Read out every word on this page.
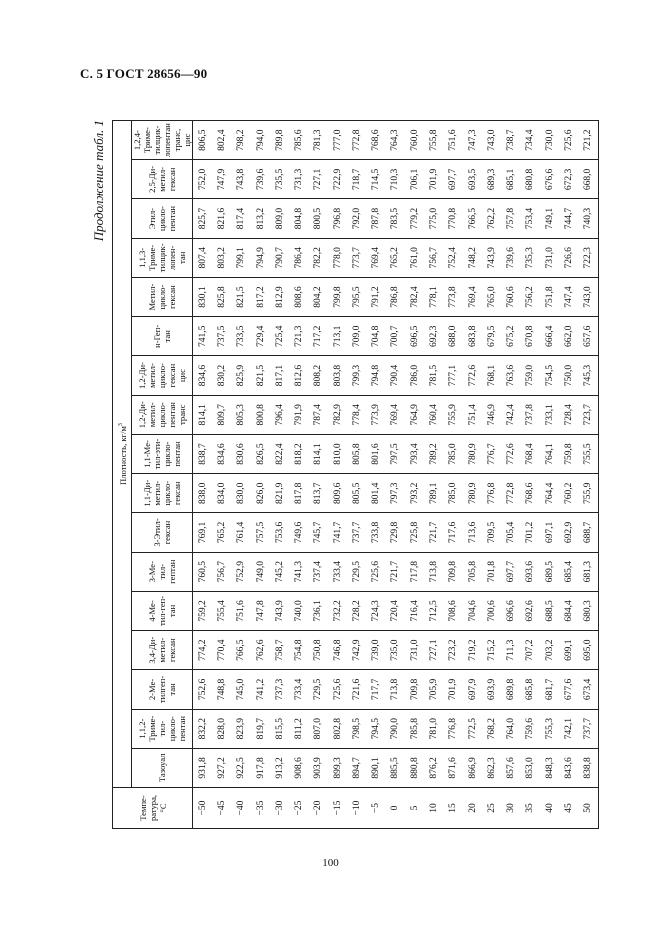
С. 5 ГОСТ 28656—90
Продолжение табл. 1
Темпе-ратура, °С	Плотность, $кг/м^3$
	Тазоуал	1,1,2-Триме-тил-цикло-пентан	2-Ме-тилгеп-тан	3,4-Ди-метил-гексан	4-Ме-тил-геп-тан	3-Ме-тил-гептан	3-Этил-гексан	1,1-Ди-метил-цикло-гексан	1,1-Ме-тил-эти-цикло-пентан	1,2-Ди-метил-цикло-пентан транс	1,2-Ди-метил-цикло-гексан цис	н-Геп-тан	Метил-цикло-гексан	1,1,3-Триме-тилцик-лопен-тан	Этил-цикло-пентан	2,5-Ди-метил-гексан	1,2,4-Триме-тилцик-лопентан транс, цис
−50	931,8	832,2	752,6	774,2	759,2	760,5	769,1	838,0	838,7	814,1	834,6	741,5	830,1	807,4	825,7	752,0	806,5
−45	927,2	828,0	748,8	770,4	755,4	756,7	765,2	834,0	834,6	809,7	830,2	737,5	825,8	803,2	821,6	747,9	802,4
−40	922,5	823,9	745,0	766,5	751,6	752,9	761,4	830,0	830,6	805,3	825,9	733,5	821,5	799,1	817,4	743,8	798,2
−35	917,8	819,7	741,2	762,6	747,8	749,0	757,5	826,0	826,5	800,8	821,5	729,4	817,2	794,9	813,2	739,6	794,0
−30	913,2	815,5	737,3	758,7	743,9	745,2	753,6	821,9	822,4	796,4	817,1	725,4	812,9	790,7	809,0	735,5	789,8
−25	908,6	811,2	733,4	754,8	740,0	741,3	749,6	817,8	818,2	791,9	812,6	721,3	808,6	786,4	804,8	731,3	785,6
−20	903,9	807,0	729,5	750,8	736,1	737,4	745,7	813,7	814,1	787,4	808,2	717,2	804,2	782,2	800,5	727,1	781,3
−15	899,3	802,8	725,6	746,8	732,2	733,4	741,7	809,6	810,0	782,9	803,8	713,1	799,8	778,0	796,8	722,9	777,0
−10	894,7	798,5	721,6	742,9	728,2	729,5	737,7	805,5	805,8	778,4	799,3	709,0	795,5	773,7	792,0	718,7	772,8
−5	890,1	794,5	717,7	739,0	724,3	725,6	733,8	801,4	801,6	773,9	794,8	704,8	791,2	769,4	787,8	714,5	768,6
0	885,5	790,0	713,8	735,0	720,4	721,7	729,8	797,3	797,5	769,4	790,4	700,7	786,8	765,2	783,5	710,3	764,3
5	880,8	785,8	709,8	731,0	716,4	717,8	725,8	793,2	793,4	764,9	786,0	696,5	782,4	761,0	779,2	706,1	760,0
10	876,2	781,0	705,9	727,1	712,5	713,8	721,7	789,1	789,2	760,4	781,5	692,3	778,1	756,7	775,0	701,9	755,8
15	871,6	776,8	701,9	723,2	708,6	709,8	717,6	785,0	785,0	755,9	777,1	688,0	773,8	752,4	770,8	697,7	751,6
20	866,9	772,5	697,9	719,2	704,6	705,8	713,6	780,9	780,9	751,4	772,6	683,8	769,4	748,2	766,5	693,5	747,3
25	862,3	768,2	693,9	715,2	700,6	701,8	709,5	776,8	776,7	746,9	768,1	679,5	765,0	743,9	762,2	689,3	743,0
30	857,6	764,0	689,8	711,3	696,6	697,7	705,4	772,8	772,6	742,4	763,6	675,2	760,6	739,6	757,8	685,1	738,7
35	853,0	759,6	685,8	707,2	692,6	693,6	701,2	768,6	768,4	737,8	759,0	670,8	756,2	735,3	753,4	680,8	734,4
40	848,3	755,3	681,7	703,2	688,5	689,5	697,1	764,4	764,1	733,1	754,5	666,4	751,8	731,0	749,1	676,6	730,0
45	843,6	742,1	677,6	699,1	684,4	685,4	692,9	760,2	759,8	728,4	750,0	662,0	747,4	726,6	744,7	672,3	725,6
50	838,8	737,7	673,4	695,0	680,3	681,3	688,7	755,9	755,5	723,7	745,3	657,6	743,0	722,3	740,3	668,0	721,2
100
